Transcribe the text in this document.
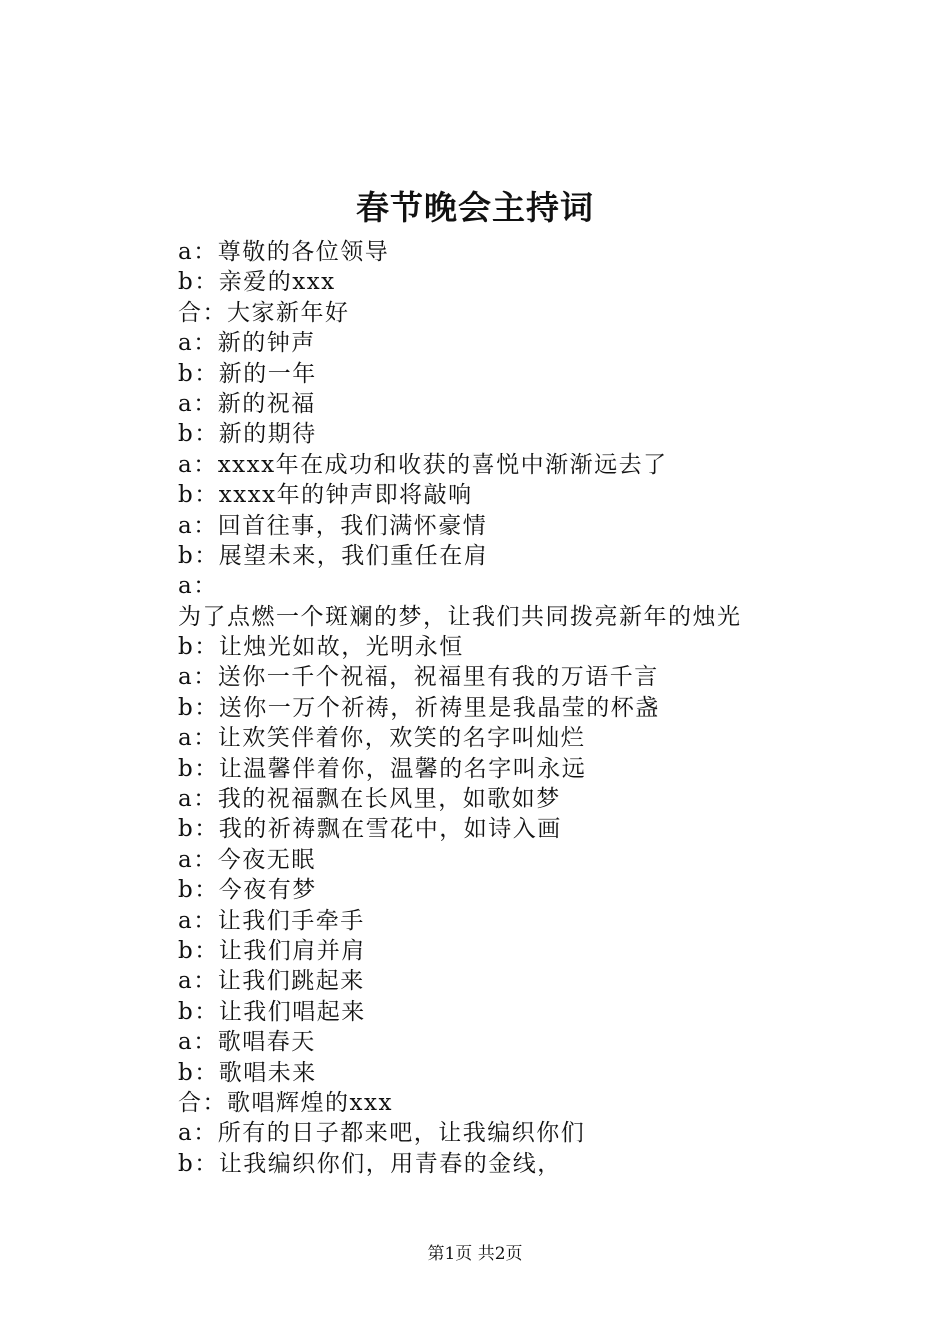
春节晚会主持词
a：尊敬的各位领导
b：亲爱的xxx
合：大家新年好
a：新的钟声
b：新的一年
a：新的祝福
b：新的期待
a：xxxx年在成功和收获的喜悦中渐渐远去了
b：xxxx年的钟声即将敲响
a：回首往事，我们满怀豪情
b：展望未来，我们重任在肩
a：
为了点燃一个斑斓的梦，让我们共同拨亮新年的烛光
b：让烛光如故，光明永恒
a：送你一千个祝福，祝福里有我的万语千言
b：送你一万个祈祷，祈祷里是我晶莹的杯盏
a：让欢笑伴着你，欢笑的名字叫灿烂
b：让温馨伴着你，温馨的名字叫永远
a：我的祝福飘在长风里，如歌如梦
b：我的祈祷飘在雪花中，如诗入画
a：今夜无眠
b：今夜有梦
a：让我们手牵手
b：让我们肩并肩
a：让我们跳起来
b：让我们唱起来
a：歌唱春天
b：歌唱未来
合：歌唱辉煌的xxx
a：所有的日子都来吧，让我编织你们
b：让我编织你们，用青春的金线，
第1页 共2页
